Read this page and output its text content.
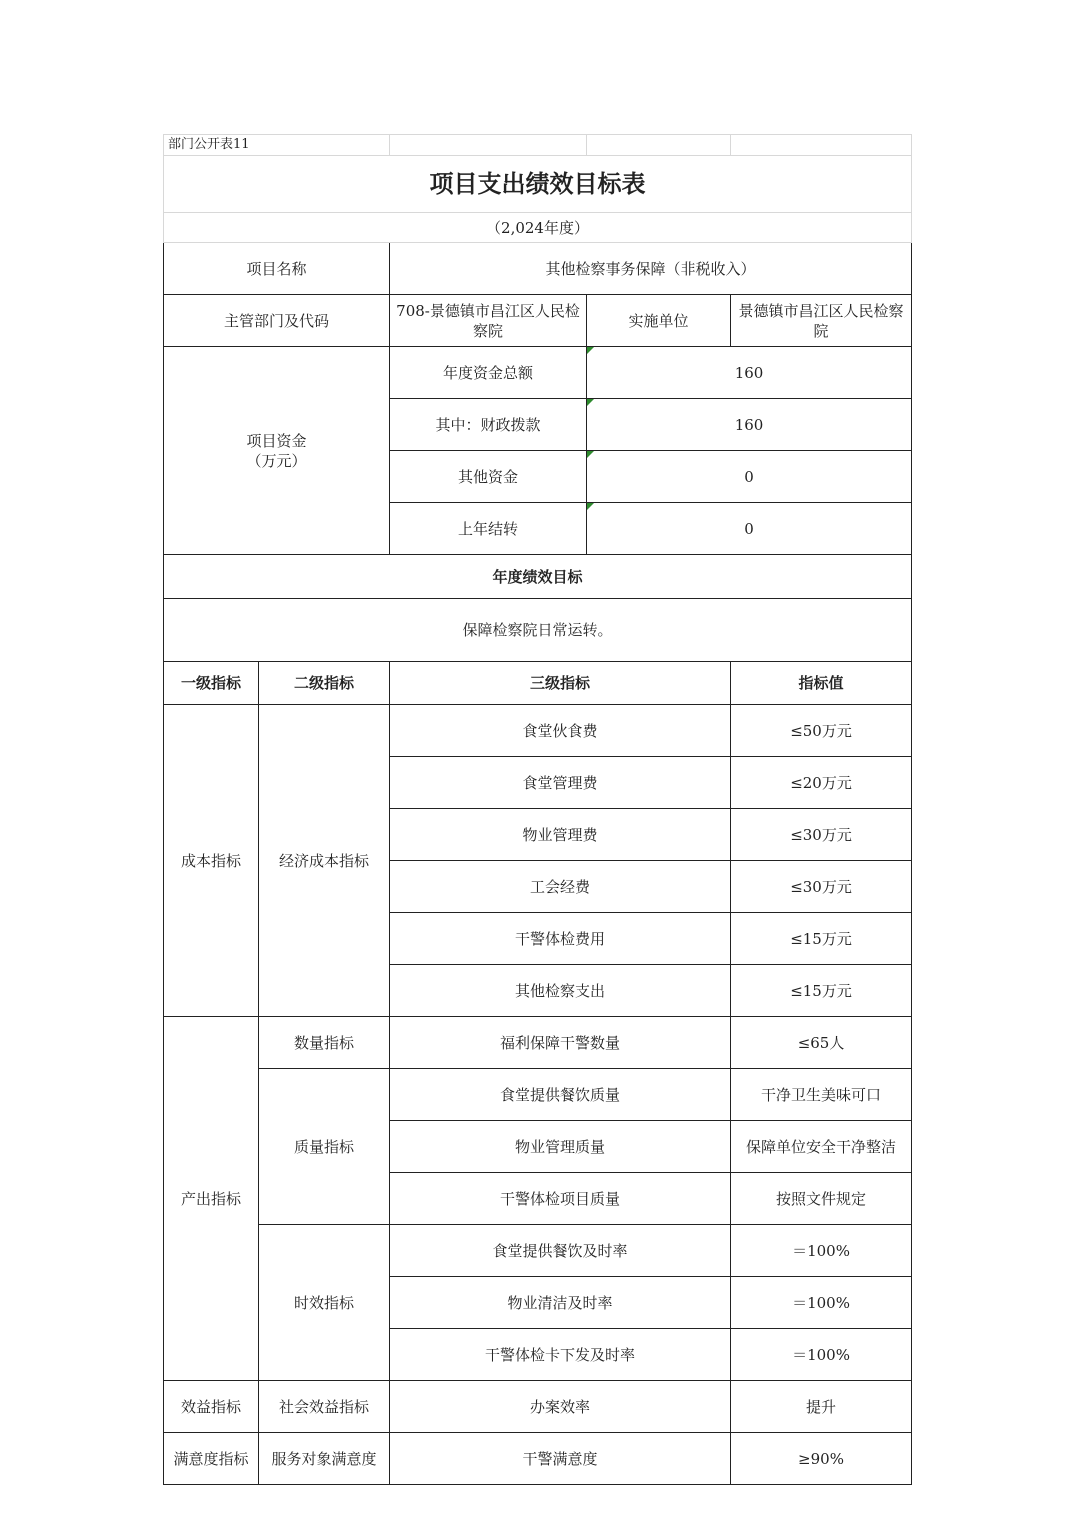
部门公开表11				
项目支出绩效目标表				
（2,024年度）				
项目名称		其他检察事务保障（非税收入）		
主管部门及代码		708-景德镇市昌江区人民检察院	实施单位	景德镇市昌江区人民检察院

项目资金
（万元）		年度资金总额	160	
		其中：财政拨款	160	
		其他资金	0	
		上年结转	0	
年度绩效目标				
保障检察院日常运转。				
一级指标	二级指标	三级指标		指标值
成本指标	经济成本指标	食堂伙食费		≤50万元
		食堂管理费		≤20万元
		物业管理费		≤30万元
		工会经费		≤30万元
		干警体检费用		≤15万元
		其他检察支出		≤15万元
产出指标	数量指标	福利保障干警数量		≤65人
	质量指标	食堂提供餐饮质量		干净卫生美味可口
		物业管理质量		保障单位安全干净整洁
		干警体检项目质量		按照文件规定
	时效指标	食堂提供餐饮及时率		＝100%
		物业清洁及时率		＝100%
		干警体检卡下发及时率		＝100%
效益指标	社会效益指标	办案效率		提升
满意度指标	服务对象满意度	干警满意度		≥90%
